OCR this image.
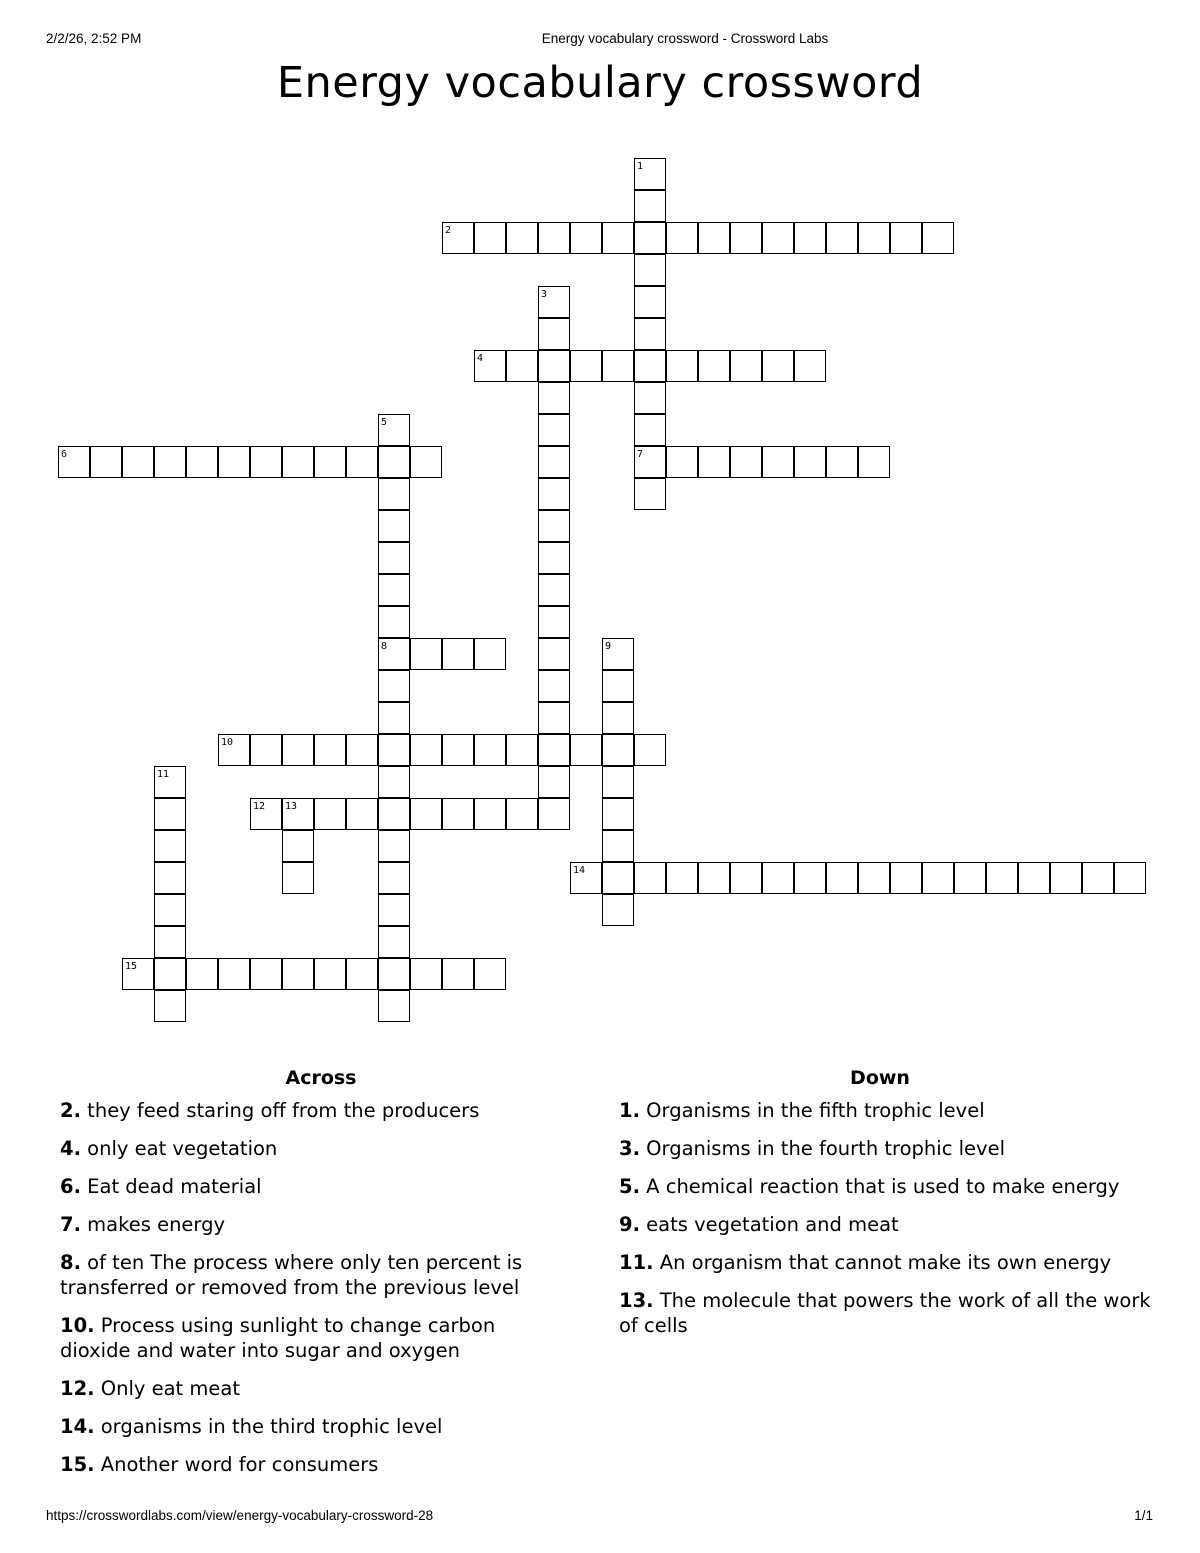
2/2/26, 2:52 PM	Energy vocabulary crossword - Crossword Labs
Energy vocabulary crossword
1
2
3
4
5
6	7
8	9
10
11
12 13
14
15
Across	Down
2. they feed staring off from the producers
4. only eat vegetation
6. Eat dead material
7. makes energy
8. of ten The process where only ten percent is transferred or removed from the previous level
10. Process using sunlight to change carbon dioxide and water into sugar and oxygen
12. Only eat meat
14. organisms in the third trophic level
15. Another word for consumers
1. Organisms in the fifth trophic level
3. Organisms in the fourth trophic level
5. A chemical reaction that is used to make energy
9. eats vegetation and meat
11. An organism that cannot make its own energy
13. The molecule that powers the work of all the work of cells
https://crosswordlabs.com/view/energy-vocabulary-crossword-28	1/1
